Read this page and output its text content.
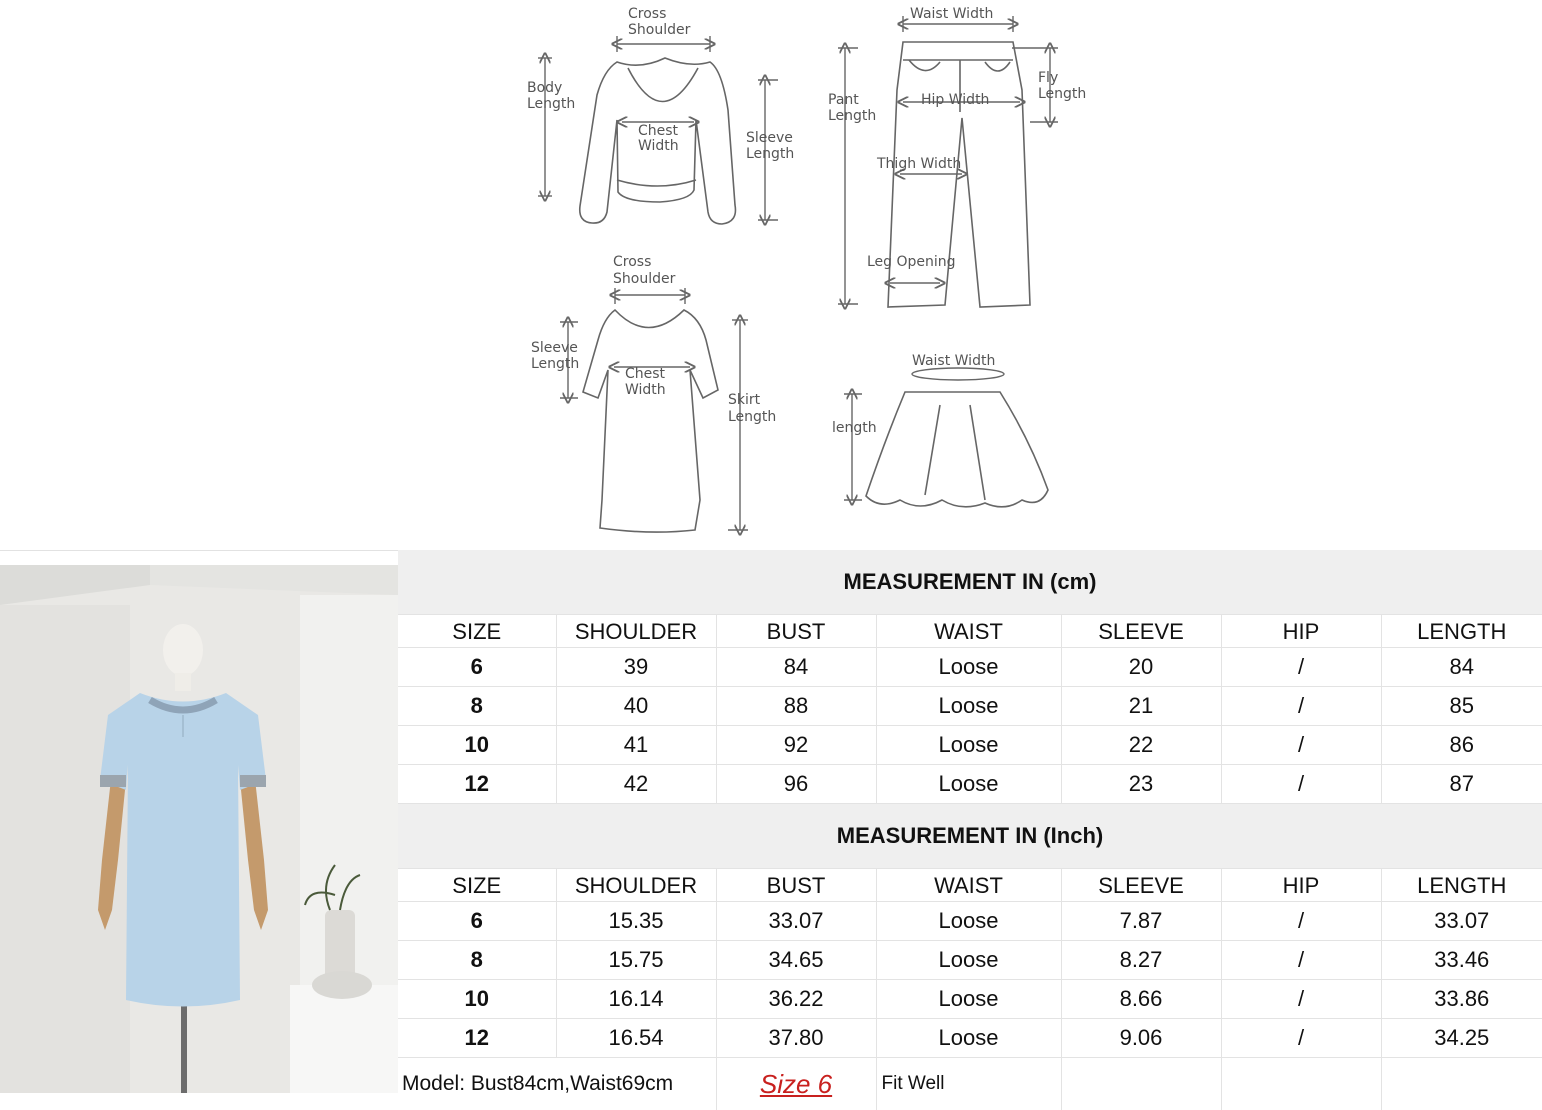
Cross
Shoulder
Body
Length
Chest
Width	Sleeve
Length
Waist Width
Pant
Length
Fly
Length
Hip Width
Thigh Width
Leg Opening
Cross
Shoulder
Sleeve
Length
Chest
Width
Skirt
Length
Waist Width
length
MEASUREMENT IN (cm)						
SIZE	SHOULDER	BUST	WAIST	SLEEVE	HIP	LENGTH
6	39	84	Loose	20	/	84
8	40	88	Loose	21	/	85
10	41	92	Loose	22	/	86
12	42	96	Loose	23	/	87
MEASUREMENT IN (Inch)						
SIZE	SHOULDER	BUST	WAIST	SLEEVE	HIP	LENGTH
6	15.35	33.07	Loose	7.87	/	33.07
8	15.75	34.65	Loose	8.27	/	33.46
10	16.14	36.22	Loose	8.66	/	33.86
12	16.54	37.80	Loose	9.06	/	34.25
Model: Bust84cm,Waist69cm		Size 6	Fit Well			
